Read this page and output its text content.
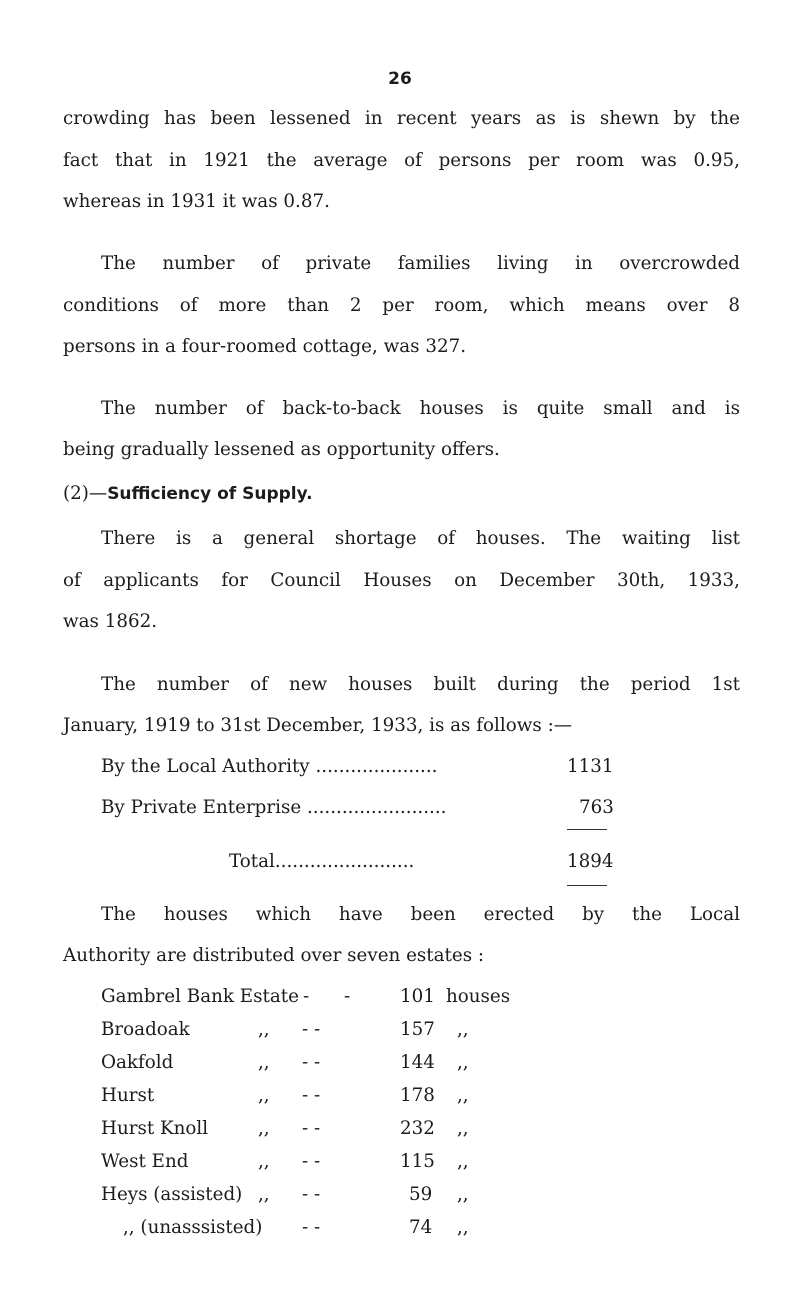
26
crowding has been lessened in recent years as is shewn by the
fact that in 1921 the average of persons per room was 0.95,
whereas in 1931 it was 0.87.
The number of private families living in overcrowded
conditions of more than 2 per room, which means over 8
persons in a four-roomed cottage, was 327.
The number of back-to-back houses is quite small and is
being gradually lessened as opportunity offers.
(2)—Sufficiency of Supply.
There is a general shortage of houses. The waiting list
of applicants for Council Houses on December 30th, 1933,
was 1862.
The number of new houses built during the period 1st
January, 1919 to 31st December, 1933, is as follows :—
By the Local Authority .....................	1131
By Private Enterprise ........................	763
Total........................	1894
The houses which have been erected by the Local
Authority are distributed over seven estates :
Gambrel Bank Estate - -	101 houses
Broadoak	,, - -	157 ,,
Oakfold	,, - -	144 ,,
Hurst	,, - -	178 ,,
Hurst Knoll	,, - -	232 ,,
West End	,, - -	115 ,,
Heys (assisted) ,, - -	59 ,,
,, (unasssisted) - -	74 ,,
